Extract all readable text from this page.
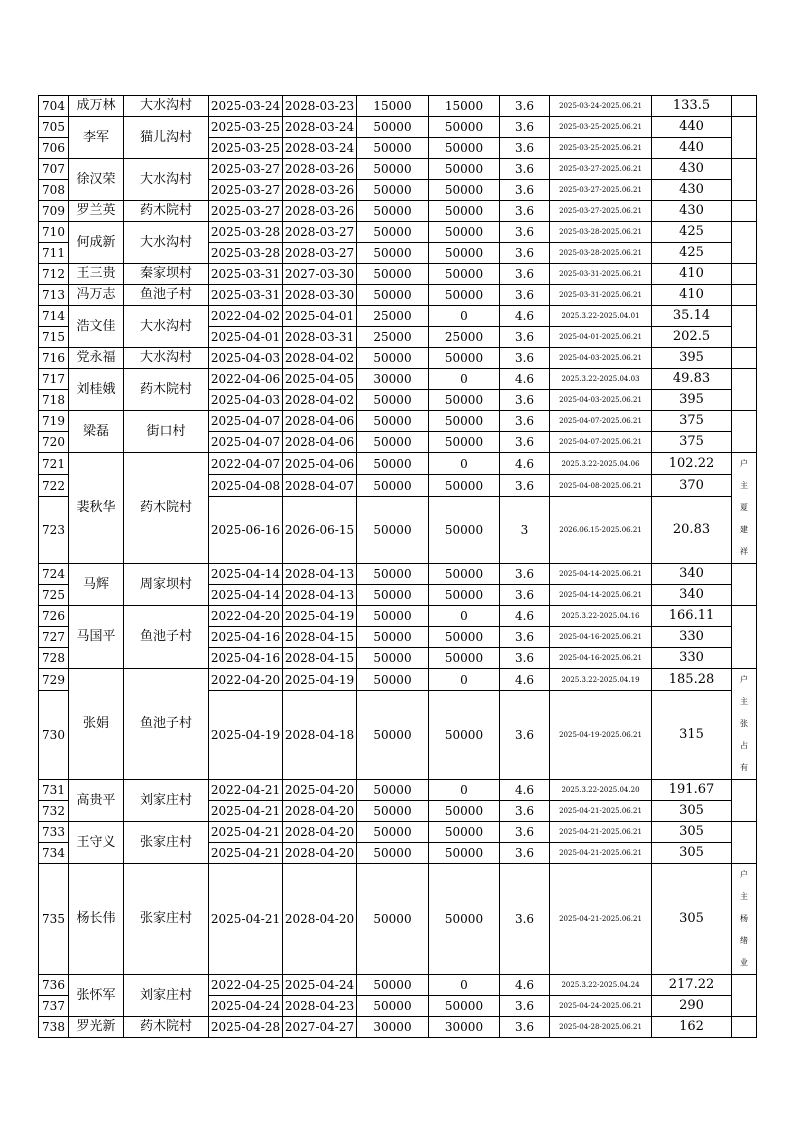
704	成万林	大水沟村	2025-03-24	2028-03-23	15000	15000	3.6	2025-03-24-2025.06.21	133.5	
705	李军	猫儿沟村	2025-03-25	2028-03-24	50000	50000	3.6	2025-03-25-2025.06.21	440	
706			2025-03-25	2028-03-24	50000	50000	3.6	2025-03-25-2025.06.21	440	
707	徐汉荣	大水沟村	2025-03-27	2028-03-26	50000	50000	3.6	2025-03-27-2025.06.21	430	
708			2025-03-27	2028-03-26	50000	50000	3.6	2025-03-27-2025.06.21	430	
709	罗兰英	药木院村	2025-03-27	2028-03-26	50000	50000	3.6	2025-03-27-2025.06.21	430	
710	何成新	大水沟村	2025-03-28	2028-03-27	50000	50000	3.6	2025-03-28-2025.06.21	425	
711			2025-03-28	2028-03-27	50000	50000	3.6	2025-03-28-2025.06.21	425	
712	王三贵	秦家坝村	2025-03-31	2027-03-30	50000	50000	3.6	2025-03-31-2025.06.21	410	
713	冯万志	鱼池子村	2025-03-31	2028-03-30	50000	50000	3.6	2025-03-31-2025.06.21	410	
714	浩文佳	大水沟村	2022-04-02	2025-04-01	25000	0	4.6	2025.3.22-2025.04.01	35.14	
715			2025-04-01	2028-03-31	25000	25000	3.6	2025-04-01-2025.06.21	202.5	
716	党永福	大水沟村	2025-04-03	2028-04-02	50000	50000	3.6	2025-04-03-2025.06.21	395	
717	刘桂娥	药木院村	2022-04-06	2025-04-05	30000	0	4.6	2025.3.22-2025.04.03	49.83	
718			2025-04-03	2028-04-02	50000	50000	3.6	2025-04-03-2025.06.21	395	
719	梁磊	街口村	2025-04-07	2028-04-06	50000	50000	3.6	2025-04-07-2025.06.21	375	
720			2025-04-07	2028-04-06	50000	50000	3.6	2025-04-07-2025.06.21	375	
721	裴秋华	药木院村	2022-04-07	2025-04-06	50000	0	4.6	2025.3.22-2025.04.06	102.22	户
主
夏
建
祥

722			2025-04-08	2028-04-07	50000	50000	3.6	2025-04-08-2025.06.21	370	
723			2025-06-16	2026-06-15	50000	50000	3	2026.06.15-2025.06.21	20.83	
724	马辉	周家坝村	2025-04-14	2028-04-13	50000	50000	3.6	2025-04-14-2025.06.21	340	
725			2025-04-14	2028-04-13	50000	50000	3.6	2025-04-14-2025.06.21	340	
726	马国平	鱼池子村	2022-04-20	2025-04-19	50000	0	4.6	2025.3.22-2025.04.16	166.11	
727			2025-04-16	2028-04-15	50000	50000	3.6	2025-04-16-2025.06.21	330	
728			2025-04-16	2028-04-15	50000	50000	3.6	2025-04-16-2025.06.21	330	
729	张娟	鱼池子村	2022-04-20	2025-04-19	50000	0	4.6	2025.3.22-2025.04.19	185.28	户
主
张
占
有

730			2025-04-19	2028-04-18	50000	50000	3.6	2025-04-19-2025.06.21	315	
731	高贵平	刘家庄村	2022-04-21	2025-04-20	50000	0	4.6	2025.3.22-2025.04.20	191.67	
732			2025-04-21	2028-04-20	50000	50000	3.6	2025-04-21-2025.06.21	305	
733	王守义	张家庄村	2025-04-21	2028-04-20	50000	50000	3.6	2025-04-21-2025.06.21	305	
734			2025-04-21	2028-04-20	50000	50000	3.6	2025-04-21-2025.06.21	305	
735	杨长伟	张家庄村	2025-04-21	2028-04-20	50000	50000	3.6	2025-04-21-2025.06.21	305	户
主
杨
绪
业

736	张怀军	刘家庄村	2022-04-25	2025-04-24	50000	0	4.6	2025.3.22-2025.04.24	217.22	
737			2025-04-24	2028-04-23	50000	50000	3.6	2025-04-24-2025.06.21	290	
738	罗光新	药木院村	2025-04-28	2027-04-27	30000	30000	3.6	2025-04-28-2025.06.21	162	
